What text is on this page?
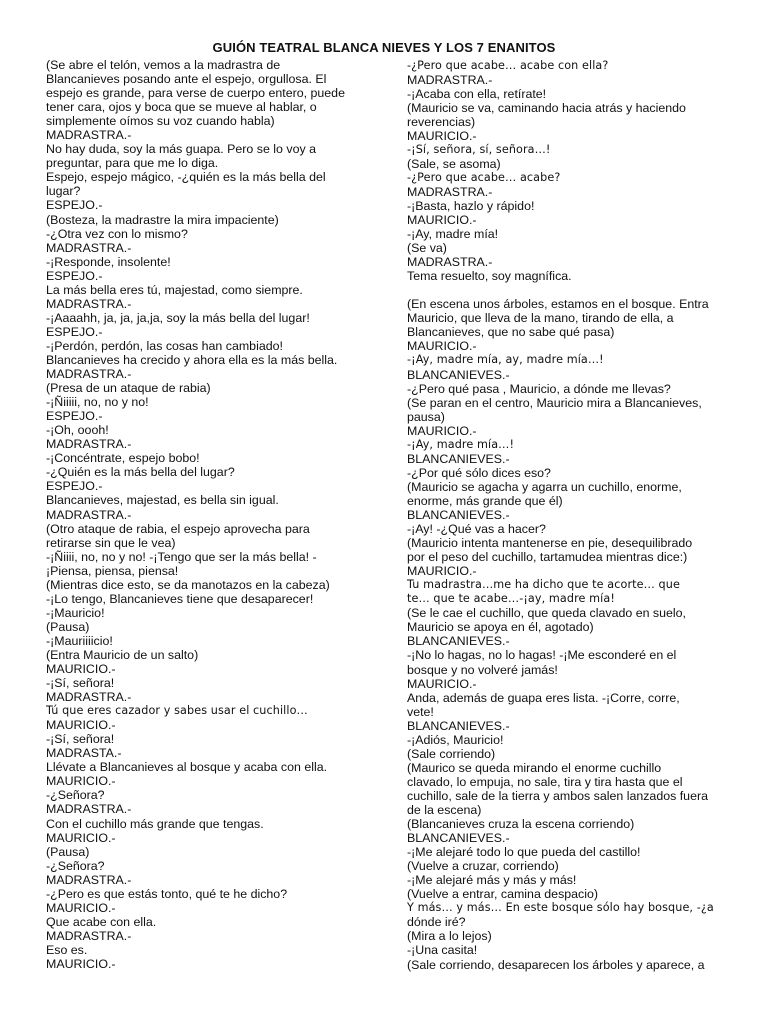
GUIÓN TEATRAL BLANCA NIEVES Y LOS 7 ENANITOS
(Se abre el telón, vemos a la madrastra de
Blancanieves posando ante el espejo, orgullosa. El
espejo es grande, para verse de cuerpo entero, puede
tener cara, ojos y boca que se mueve al hablar, o
simplemente oímos su voz cuando habla)
MADRASTRA.-
No hay duda, soy la más guapa. Pero se lo voy a
preguntar, para que me lo diga.
Espejo, espejo mágico, -¿quién es la más bella del
lugar?
ESPEJO.-
(Bosteza, la madrastre la mira impaciente)
-¿Otra vez con lo mismo?
MADRASTRA.-
-¡Responde, insolente!
ESPEJO.-
La más bella eres tú, majestad, como siempre.
MADRASTRA.-
-¡Aaaahh, ja, ja, ja,ja, soy la más bella del lugar!
ESPEJO.-
-¡Perdón, perdón, las cosas han cambiado!
Blancanieves ha crecido y ahora ella es la más bella.
MADRASTRA.-
(Presa de un ataque de rabia)
-¡Ñiiiii, no, no y no!
ESPEJO.-
-¡Oh, oooh!
MADRASTRA.-
-¡Concéntrate, espejo bobo!
-¿Quién es la más bella del lugar?
ESPEJO.-
Blancanieves, majestad, es bella sin igual.
MADRASTRA.-
(Otro ataque de rabia, el espejo aprovecha para
retirarse sin que le vea)
-¡Ñiiii, no, no y no! -¡Tengo que ser la más bella! -
¡Piensa, piensa, piensa!
(Mientras dice esto, se da manotazos en la cabeza)
-¡Lo tengo, Blancanieves tiene que desaparecer!
-¡Mauricio!
(Pausa)
-¡Mauriiiicio!
(Entra Mauricio de un salto)
MAURICIO.-
-¡Sí, señora!
MADRASTRA.-
Tú que eres cazador y sabes usar el cuchillo…
MAURICIO.-
-¡Sí, señora!
MADRASTA.-
Llévate a Blancanieves al bosque y acaba con ella.
MAURICIO.-
-¿Señora?
MADRASTRA.-
Con el cuchillo más grande que tengas.
MAURICIO.-
(Pausa)
-¿Señora?
MADRASTRA.-
-¿Pero es que estás tonto, qué te he dicho?
MAURICIO.-
Que acabe con ella.
MADRASTRA.-
Eso es.
MAURICIO.-
-¿Pero que acabe… acabe con ella?
MADRASTRA.-
-¡Acaba con ella, retírate!
(Mauricio se va, caminando hacia atrás y haciendo
reverencias)
MAURICIO.-
-¡Sí, señora, sí, señora…!
(Sale, se asoma)
-¿Pero que acabe… acabe?
MADRASTRA.-
-¡Basta, hazlo y rápido!
MAURICIO.-
-¡Ay, madre mía!
(Se va)
MADRASTRA.-
Tema resuelto, soy magnífica.
(En escena unos árboles, estamos en el bosque. Entra
Mauricio, que lleva de la mano, tirando de ella, a
Blancanieves, que no sabe qué pasa)
MAURICIO.-
-¡Ay, madre mía, ay, madre mía…!
BLANCANIEVES.-
-¿Pero qué pasa , Mauricio, a dónde me llevas?
(Se paran en el centro, Mauricio mira a Blancanieves,
pausa)
MAURICIO.-
-¡Ay, madre mía…!
BLANCANIEVES.-
-¿Por qué sólo dices eso?
(Mauricio se agacha y agarra un cuchillo, enorme,
enorme, más grande que él)
BLANCANIEVES.-
-¡Ay! -¿Qué vas a hacer?
(Mauricio intenta mantenerse en pie, desequilibrado
por el peso del cuchillo, tartamudea mientras dice:)
MAURICIO.-
Tu madrastra…me ha dicho que te acorte… que
te… que te acabe…-¡ay, madre mía!
(Se le cae el cuchillo, que queda clavado en suelo,
Mauricio se apoya en él, agotado)
BLANCANIEVES.-
-¡No lo hagas, no lo hagas! -¡Me esconderé en el
bosque y no volveré jamás!
MAURICIO.-
Anda, además de guapa eres lista. -¡Corre, corre,
vete!
BLANCANIEVES.-
-¡Adiós, Mauricio!
(Sale corriendo)
(Maurico se queda mirando el enorme cuchillo
clavado, lo empuja, no sale, tira y tira hasta que el
cuchillo, sale de la tierra y ambos salen lanzados fuera
de la escena)
(Blancanieves cruza la escena corriendo)
BLANCANIEVES.-
-¡Me alejaré todo lo que pueda del castillo!
(Vuelve a cruzar, corriendo)
-¡Me alejaré más y más y más!
(Vuelve a entrar, camina despacio)
Y más… y más… En este bosque sólo hay bosque, -¿a
dónde iré?
(Mira a lo lejos)
-¡Una casita!
(Sale corriendo, desaparecen los árboles y aparece, a
